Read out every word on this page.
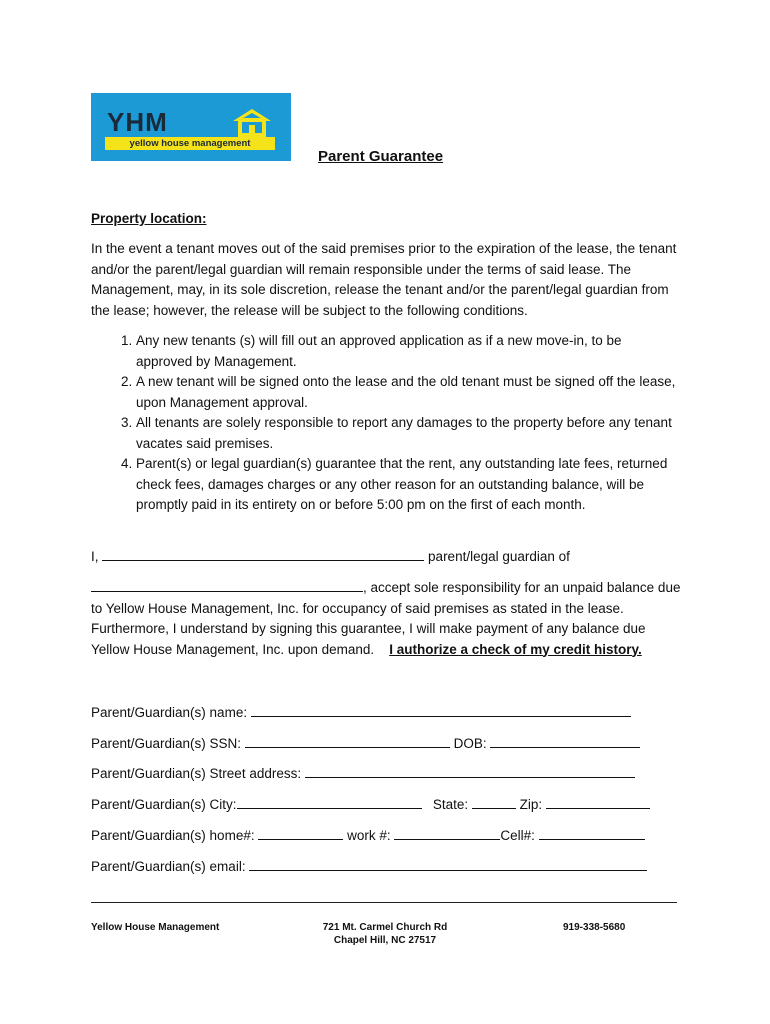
YHM
yellow house management
Parent Guarantee
Property location:
In the event a tenant moves out of the said premises prior to the expiration of the lease, the tenant and/or the parent/legal guardian will remain responsible under the terms of said lease. The Management, may, in its sole discretion, release the tenant and/or the parent/legal guardian from the lease; however, the release will be subject to the following conditions.
1. Any new tenants (s) will fill out an approved application as if a new move-in, to be approved by Management.
2. A new tenant will be signed onto the lease and the old tenant must be signed off the lease, upon Management approval.
3. All tenants are solely responsible to report any damages to the property before any tenant vacates said premises.
4. Parent(s) or legal guardian(s) guarantee that the rent, any outstanding late fees, returned check fees, damages charges or any other reason for an outstanding balance, will be promptly paid in its entirety on or before 5:00 pm on the first of each month.
I,	parent/legal guardian of
, accept sole responsibility for an unpaid balance due to Yellow House Management, Inc. for occupancy of said premises as stated in the lease. Furthermore, I understand by signing this guarantee, I will make payment of any balance due Yellow House Management, Inc. upon demand. I authorize a check of my credit history.
Parent/Guardian(s) name:
Parent/Guardian(s) SSN:	DOB:
Parent/Guardian(s) Street address:
Parent/Guardian(s) City:	State:	Zip:
Parent/Guardian(s) home#:	work #:	Cell#:
Parent/Guardian(s) email:
Yellow House Management	721 Mt. Carmel Church Rd
Chapel Hill, NC 27517
919-338-5680
